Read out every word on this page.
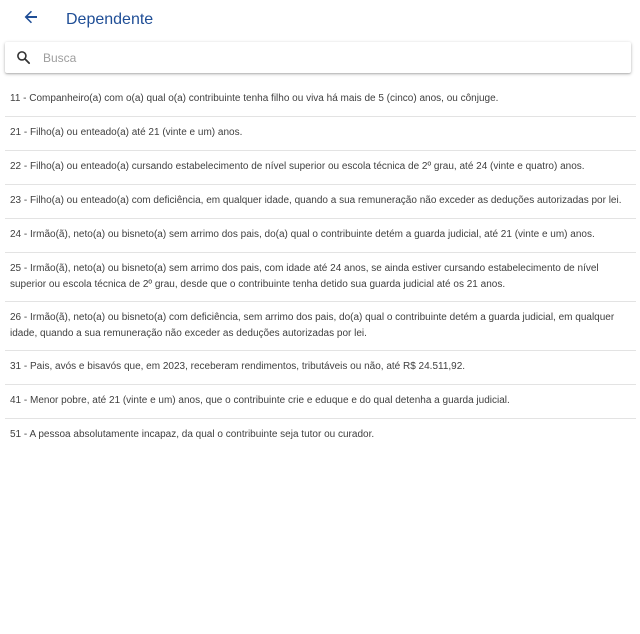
Dependente
Busca
11 - Companheiro(a) com o(a) qual o(a) contribuinte tenha filho ou viva há mais de 5 (cinco) anos, ou cônjuge.
21 - Filho(a) ou enteado(a) até 21 (vinte e um) anos.
22 - Filho(a) ou enteado(a) cursando estabelecimento de nível superior ou escola técnica de 2º grau, até 24 (vinte e quatro) anos.
23 - Filho(a) ou enteado(a) com deficiência, em qualquer idade, quando a sua remuneração não exceder as deduções autorizadas por lei.
24 - Irmão(ã), neto(a) ou bisneto(a) sem arrimo dos pais, do(a) qual o contribuinte detém a guarda judicial, até 21 (vinte e um) anos.
25 - Irmão(ã), neto(a) ou bisneto(a) sem arrimo dos pais, com idade até 24 anos, se ainda estiver cursando estabelecimento de nível superior ou escola técnica de 2º grau, desde que o contribuinte tenha detido sua guarda judicial até os 21 anos.
26 - Irmão(ã), neto(a) ou bisneto(a) com deficiência, sem arrimo dos pais, do(a) qual o contribuinte detém a guarda judicial, em qualquer idade, quando a sua remuneração não exceder as deduções autorizadas por lei.
31 - Pais, avós e bisavós que, em 2023, receberam rendimentos, tributáveis ou não, até R$ 24.511,92.
41 - Menor pobre, até 21 (vinte e um) anos, que o contribuinte crie e eduque e do qual detenha a guarda judicial.
51 - A pessoa absolutamente incapaz, da qual o contribuinte seja tutor ou curador.
